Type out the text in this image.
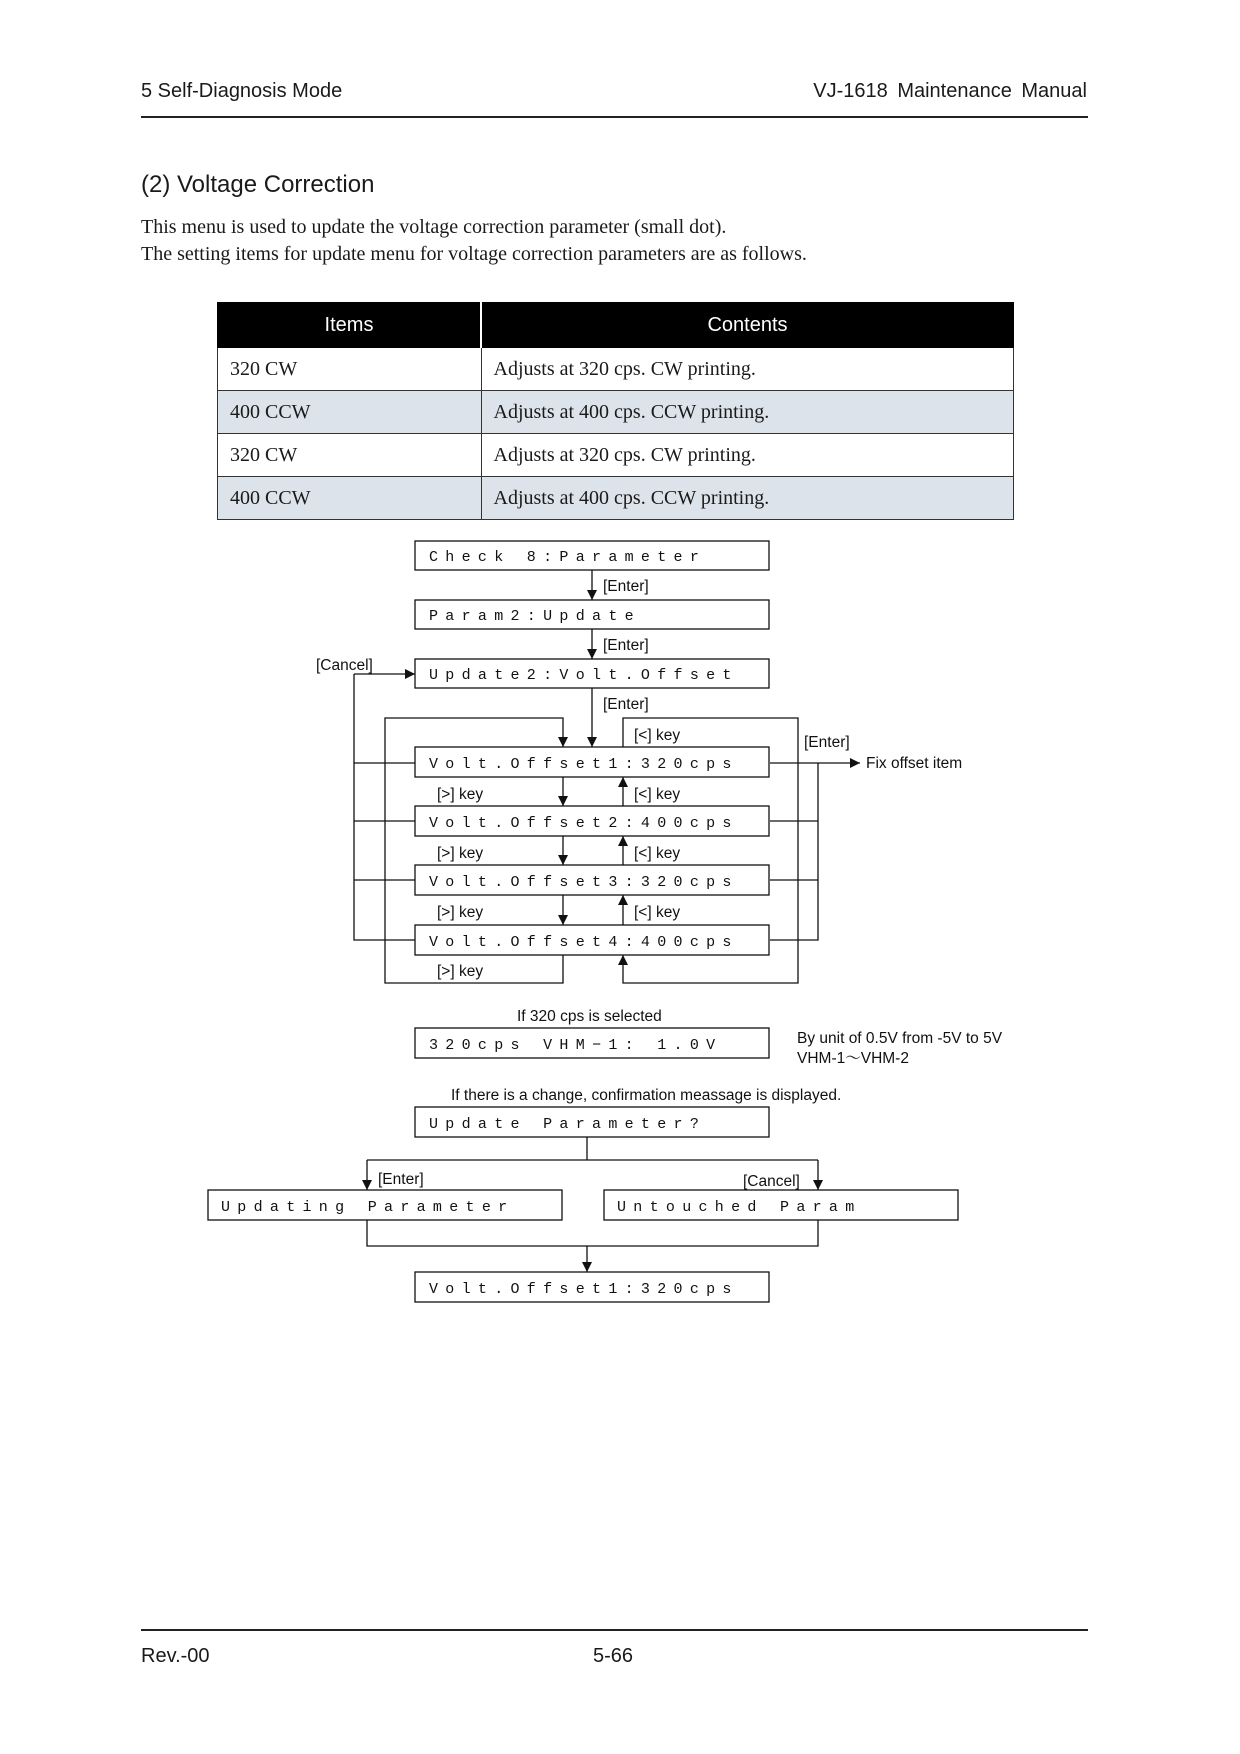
5 Self-Diagnosis Mode	VJ-1618 Maintenance Manual
(2) Voltage Correction
This menu is used to update the voltage correction parameter (small dot).
The setting items for update menu for voltage correction parameters are as follows.
Items	Contents
320 CW	Adjusts at 320 cps. CW printing.
400 CCW	Adjusts at 400 cps. CCW printing.
320 CW	Adjusts at 320 cps. CW printing.
400 CCW	Adjusts at 400 cps. CCW printing.
Check 8:Parameter
Param2:Update
Update2:Volt.Offset
Volt.Offset1:320cps
Volt.Offset2:400cps
Volt.Offset3:320cps
Volt.Offset4:400cps
320cps VHM−1: 1.0V
Update Parameter?
Updating Parameter	Untouched Param
Volt.Offset1:320cps
[Enter]
[Enter]
[Cancel]
[Enter]
[<] key	[Enter]
Fix offset item
[>] key	[<] key
[>] key	[<] key
[>] key	[<] key
[>] key
If 320 cps is selected
By unit of 0.5V from -5V to 5V
VHM-1〜VHM-2
If there is a change, confirmation meassage is displayed.
[Enter]	[Cancel]
Rev.-00	5-66
